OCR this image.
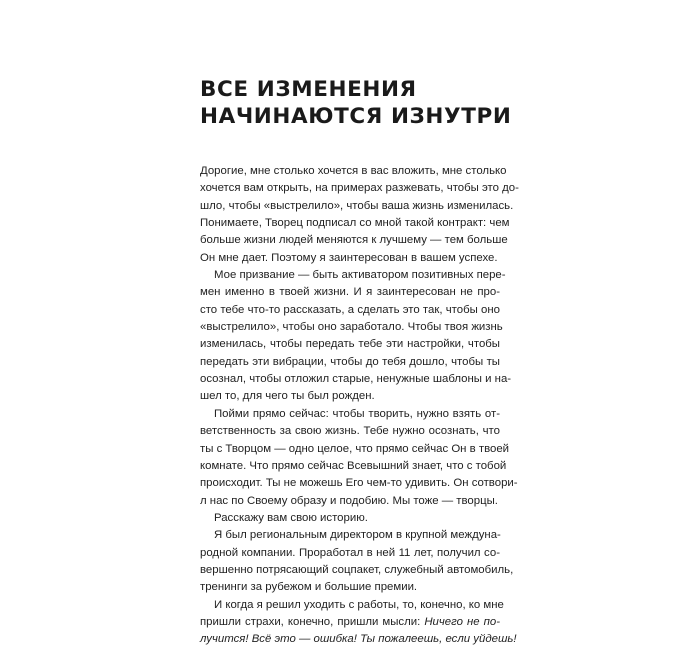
ВСЕ ИЗМЕНЕНИЯ
НАЧИНАЮТСЯ ИЗНУТРИ
Дорогие, мне столько хочется в вас вложить, мне столько
хочется вам открыть, на примерах разжевать, чтобы это до-
шло, чтобы «выстрелило», чтобы ваша жизнь изменилась.
Понимаете, Творец подписал со мной такой контракт: чем
больше жизни людей меняются к лучшему — тем больше
Он мне дает. Поэтому я заинтересован в вашем успехе.
Мое призвание — быть активатором позитивных пере-
мен именно в твоей жизни. И я заинтересован не про-
сто тебе что-то рассказать, а сделать это так, чтобы оно
«выстрелило», чтобы оно заработало. Чтобы твоя жизнь
изменилась, чтобы передать тебе эти настройки, чтобы
передать эти вибрации, чтобы до тебя дошло, чтобы ты
осознал, чтобы отложил старые, ненужные шаблоны и на-
шел то, для чего ты был рожден.
Пойми прямо сейчас: чтобы творить, нужно взять от-
ветственность за свою жизнь. Тебе нужно осознать, что
ты с Творцом — одно целое, что прямо сейчас Он в твоей
комнате. Что прямо сейчас Всевышний знает, что с тобой
происходит. Ты не можешь Его чем-то удивить. Он сотвори-
л нас по Своему образу и подобию. Мы тоже — творцы.
Расскажу вам свою историю.
Я был региональным директором в крупной междуна-
родной компании. Проработал в ней 11 лет, получил со-
вершенно потрясающий соцпакет, служебный автомобиль,
тренинги за рубежом и большие премии.
И когда я решил уходить с работы, то, конечно, ко мне
пришли страхи, конечно, пришли мысли: Ничего не по-
лучится! Всё это — ошибка! Ты пожалеешь, если уйдешь!
